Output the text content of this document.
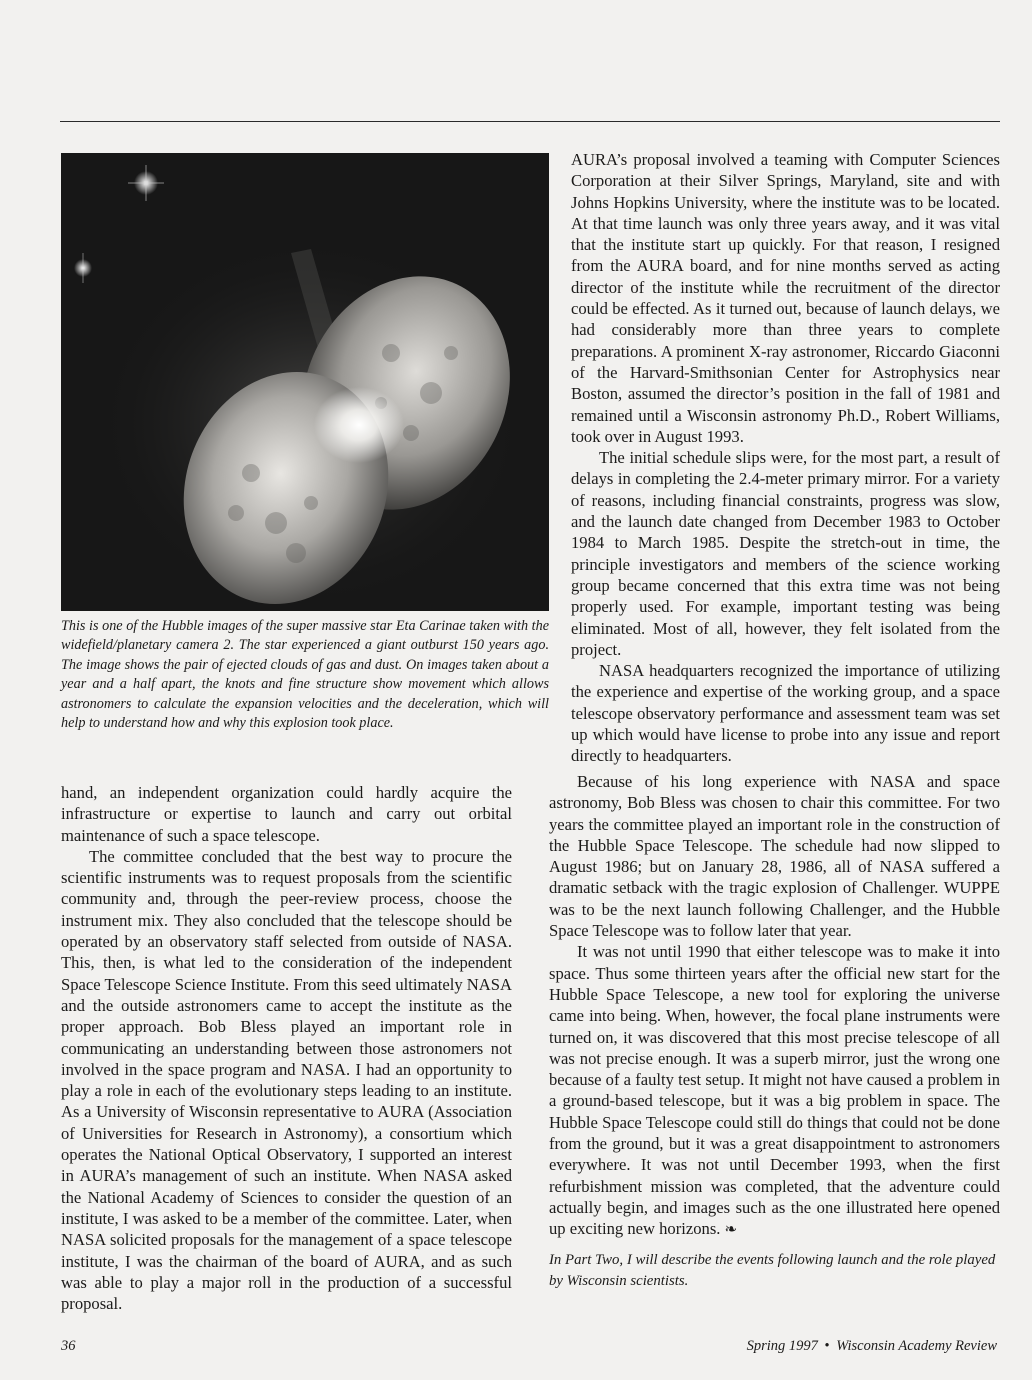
This is one of the Hubble images of the super massive star Eta Carinae taken with the widefield/planetary camera 2. The star experienced a giant outburst 150 years ago. The image shows the pair of ejected clouds of gas and dust. On images taken about a year and a half apart, the knots and fine structure show movement which allows astronomers to calculate the expansion velocities and the deceleration, which will help to understand how and why this explosion took place.

hand, an independent organization could hardly acquire the infrastructure or expertise to launch and carry out orbital maintenance of such a space telescope.

The committee concluded that the best way to procure the scientific instruments was to request proposals from the scientific community and, through the peer-review process, choose the instrument mix. They also concluded that the telescope should be operated by an observatory staff selected from outside of NASA. This, then, is what led to the consideration of the independent Space Telescope Science Institute. From this seed ultimately NASA and the outside astronomers came to accept the institute as the proper approach. Bob Bless played an important role in communicating an understanding between those astronomers not involved in the space program and NASA. I had an opportunity to play a role in each of the evolutionary steps leading to an institute. As a University of Wisconsin representative to AURA (Association of Universities for Research in Astronomy), a consortium which operates the National Optical Observatory, I supported an interest in AURA’s management of such an institute. When NASA asked the National Academy of Sciences to consider the question of an institute, I was asked to be a member of the committee. Later, when NASA solicited proposals for the management of a space telescope institute, I was the chairman of the board of AURA, and as such was able to play a major roll in the production of a successful proposal.

AURA’s proposal involved a teaming with Computer Sciences Corporation at their Silver Springs, Maryland, site and with Johns Hopkins University, where the institute was to be located. At that time launch was only three years away, and it was vital that the institute start up quickly. For that reason, I resigned from the AURA board, and for nine months served as acting director of the institute while the recruitment of the director could be effected. As it turned out, because of launch delays, we had considerably more than three years to complete preparations. A prominent X-ray astronomer, Riccardo Giaconni of the Harvard-Smithsonian Center for Astrophysics near Boston, assumed the director’s position in the fall of 1981 and remained until a Wisconsin astronomy Ph.D., Robert Williams, took over in August 1993.

The initial schedule slips were, for the most part, a result of delays in completing the 2.4-meter primary mirror. For a variety of reasons, including financial constraints, progress was slow, and the launch date changed from December 1983 to October 1984 to March 1985. Despite the stretch-out in time, the principle investigators and members of the science working group became concerned that this extra time was not being properly used. For example, important testing was being eliminated. Most of all, however, they felt isolated from the project.

NASA headquarters recognized the importance of utilizing the experience and expertise of the working group, and a space telescope observatory performance and assessment team was set up which would have license to probe into any issue and report directly to headquarters.

Because of his long experience with NASA and space astronomy, Bob Bless was chosen to chair this committee. For two years the committee played an important role in the construction of the Hubble Space Telescope. The schedule had now slipped to August 1986; but on January 28, 1986, all of NASA suffered a dramatic setback with the tragic explosion of Challenger. WUPPE was to be the next launch following Challenger, and the Hubble Space Telescope was to follow later that year.

It was not until 1990 that either telescope was to make it into space. Thus some thirteen years after the official new start for the Hubble Space Telescope, a new tool for exploring the universe came into being. When, however, the focal plane instruments were turned on, it was discovered that this most precise telescope of all was not precise enough. It was a superb mirror, just the wrong one because of a faulty test setup. It might not have caused a problem in a ground-based telescope, but it was a big problem in space. The Hubble Space Telescope could still do things that could not be done from the ground, but it was a great disappointment to astronomers everywhere. It was not until December 1993, when the first refurbishment mission was completed, that the adventure could actually begin, and images such as the one illustrated here opened up exciting new horizons. ❧

In Part Two, I will describe the events following launch and the role played by Wisconsin scientists.

36	Spring 1997 • Wisconsin Academy Review
